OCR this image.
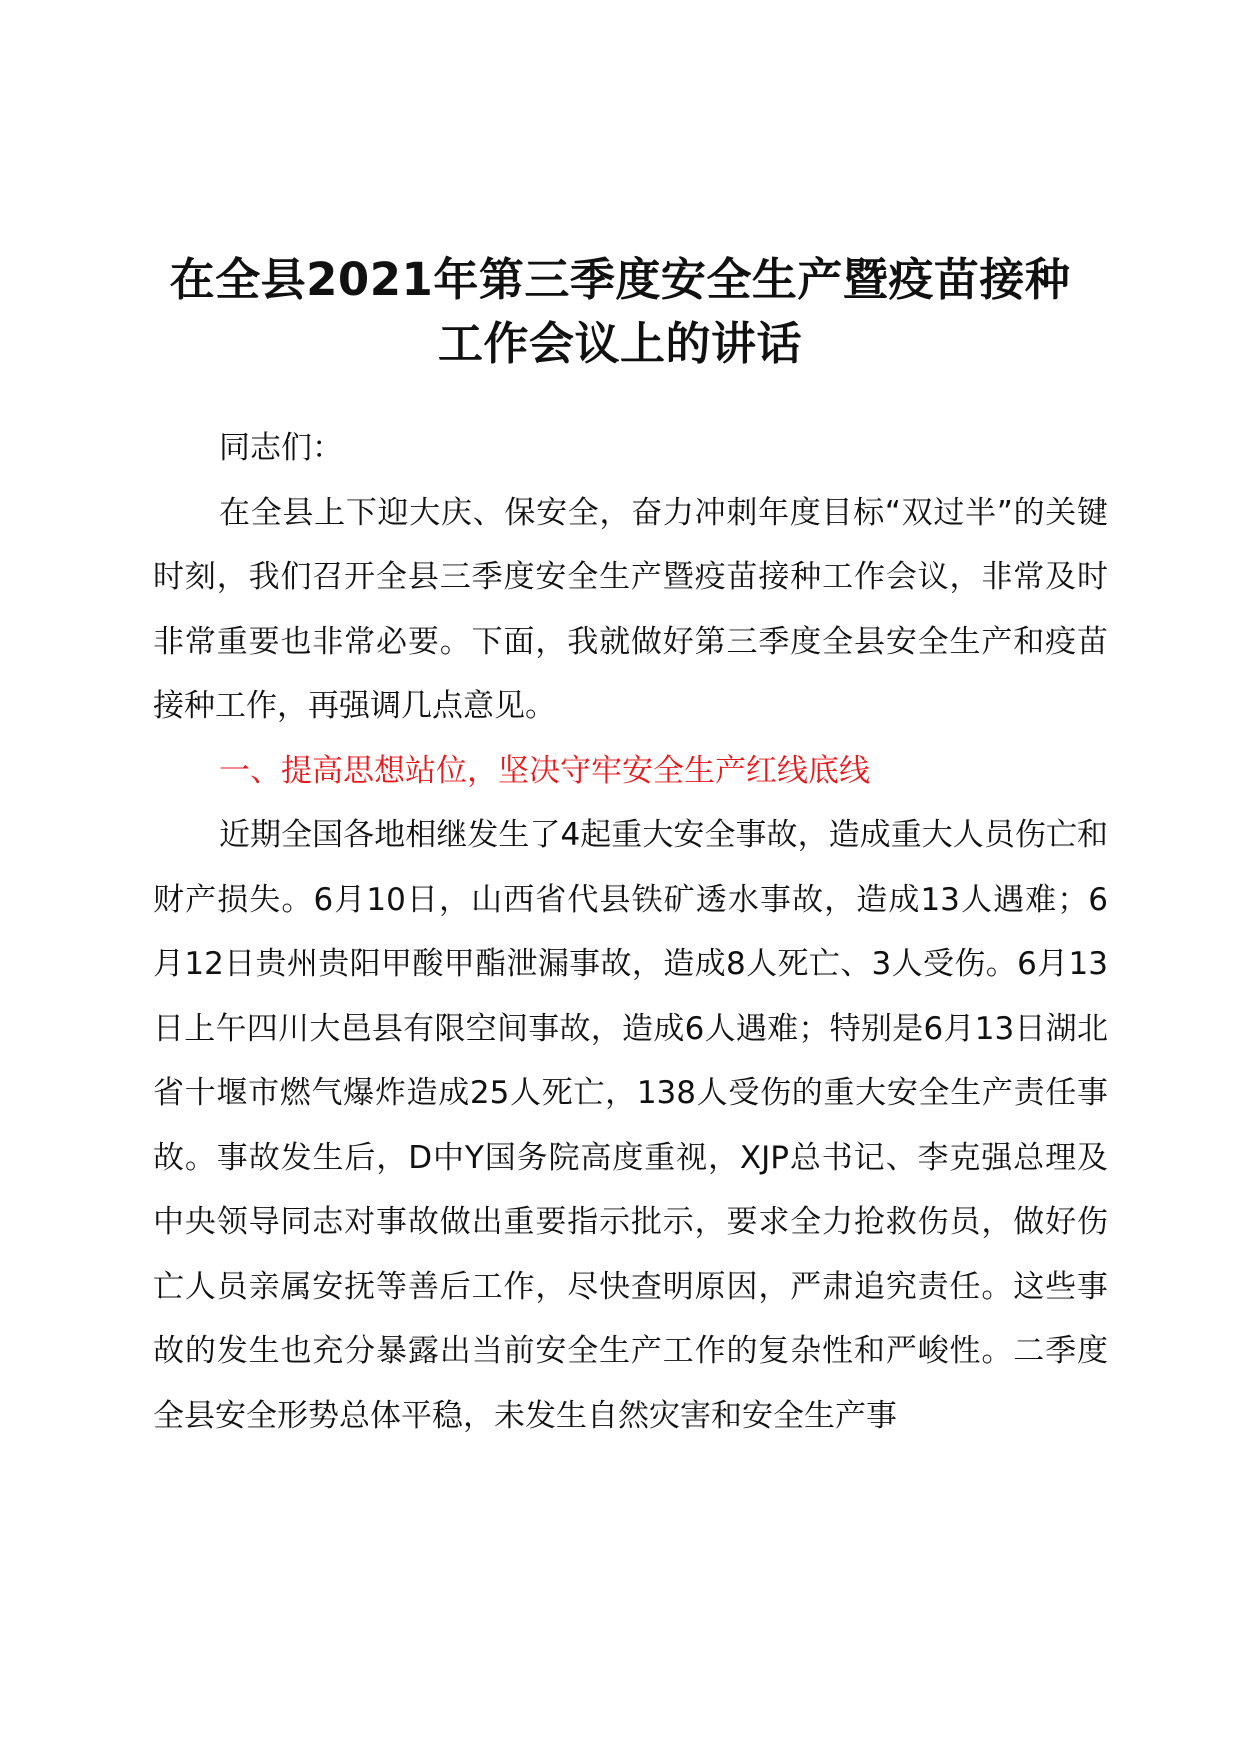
在全县2021年第三季度安全生产暨疫苗接种
工作会议上的讲话

同志们：

在全县上下迎大庆、保安全，奋力冲刺年度目标“双过半”的关键时刻，我们召开全县三季度安全生产暨疫苗接种工作会议，非常及时非常重要也非常必要。下面，我就做好第三季度全县安全生产和疫苗接种工作，再强调几点意见。

一、提高思想站位，坚决守牢安全生产红线底线

近期全国各地相继发生了4起重大安全事故，造成重大人员伤亡和财产损失。6月10日，山西省代县铁矿透水事故，造成13人遇难；6月12日贵州贵阳甲酸甲酯泄漏事故，造成8人死亡、3人受伤。6月13日上午四川大邑县有限空间事故，造成6人遇难；特别是6月13日湖北省十堰市燃气爆炸造成25人死亡，138人受伤的重大安全生产责任事故。事故发生后，D中Y国务院高度重视，XJP总书记、李克强总理及中央领导同志对事故做出重要指示批示，要求全力抢救伤员，做好伤亡人员亲属安抚等善后工作，尽快查明原因，严肃追究责任。这些事故的发生也充分暴露出当前安全生产工作的复杂性和严峻性。二季度全县安全形势总体平稳，未发生自然灾害和安全生产事
